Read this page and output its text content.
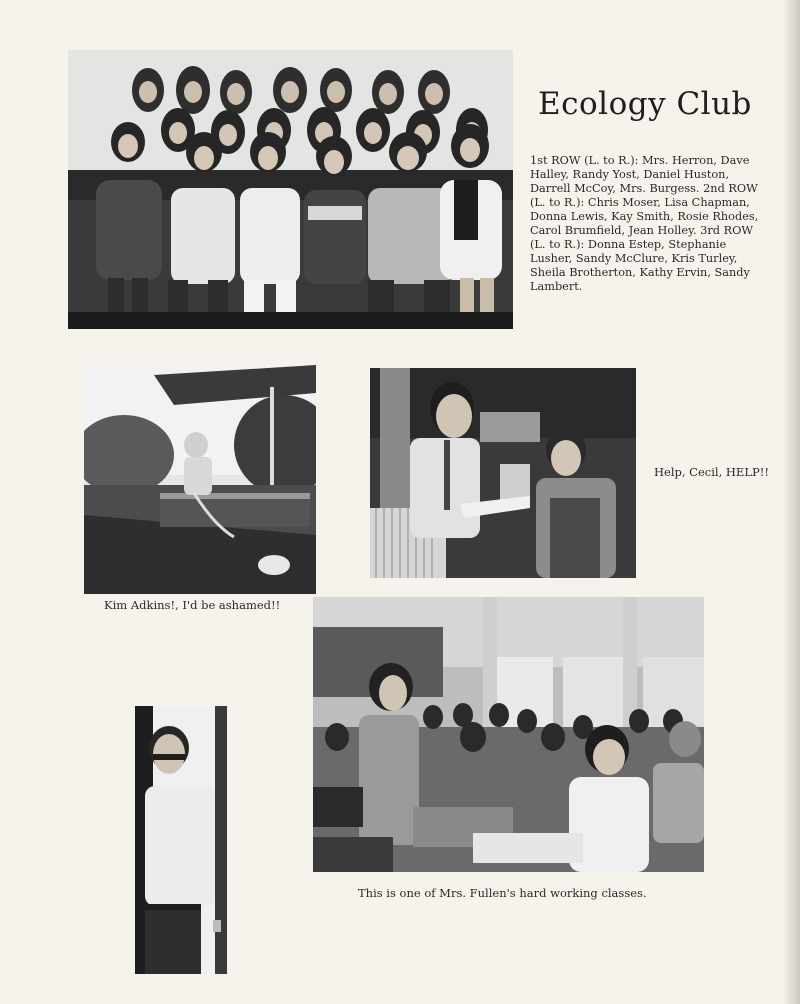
Ecology Club
1st ROW (L. to R.): Mrs. Herron, Dave Halley, Randy Yost, Daniel Huston, Darrell McCoy, Mrs. Burgess. 2nd ROW (L. to R.): Chris Moser, Lisa Chapman, Donna Lewis, Kay Smith, Rosie Rhodes, Carol Brumfield, Jean Holley. 3rd ROW (L. to R.): Donna Estep, Stephanie Lusher, Sandy McClure, Kris Turley, Sheila Brotherton, Kathy Ervin, Sandy Lambert.
Kim Adkins!, I'd be ashamed!!
Help, Cecil, HELP!!
This is one of Mrs. Fullen's hard working classes.
